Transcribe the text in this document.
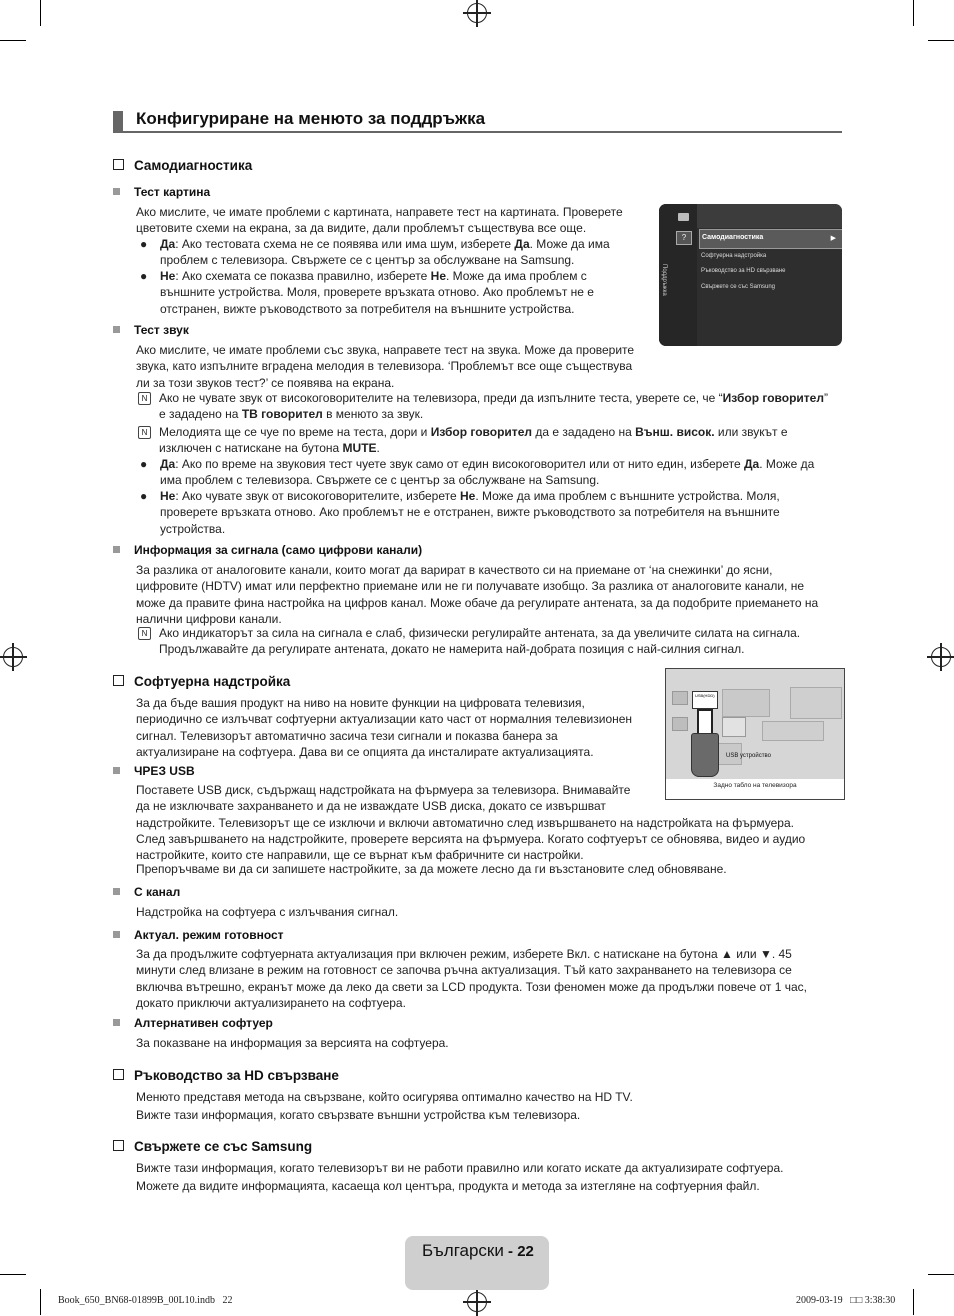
Конфигуриране на менюто за поддръжка
Самодиагностика
Тест картина
Ако мислите, че имате проблеми с картината, направете тест на картината. Проверете
цветовите схеми на екрана, за да видите, дали проблемът съществува все още.
● Да: Ако тестовата схема не се появява или има шум, изберете Да. Може да има
проблем с телевизора. Свържете се с център за обслужване на Samsung.
● Не: Ако схемата се показва правилно, изберете Не. Може да има проблем с
външните устройства. Моля, проверете връзката отново. Ако проблемът не е
отстранен, вижте ръководството за потребителя на външните устройства.
Тест звук
Ако мислите, че имате проблеми със звука, направете тест на звука. Може да проверите
звука, като изпълните вградена мелодия в телевизора. ‘Проблемът все още съществува
ли за този звуков тест?’ се появява на екрана.
N Ако не чувате звук от високоговорителите на телевизора, преди да изпълните теста, уверете се, че “Избор говорител”
е зададено на ТВ говорител в менюто за звук.
N Мелодията ще се чуе по време на теста, дори и Избор говорител да е зададено на Външ. висок. или звукът е
изключен с натискане на бутона MUTE.
● Да: Ако по време на звуковия тест чуете звук само от един високоговорител или от нито един, изберете Да. Може да
има проблем с телевизора. Свържете се с център за обслужване на Samsung.
● Не: Ако чувате звук от високоговорителите, изберете Не. Може да има проблем с външните устройства. Моля,
проверете връзката отново. Ако проблемът не е отстранен, вижте ръководството за потребителя на външните
устройства.
Информация за сигнала (само цифрови канали)
За разлика от аналоговите канали, които могат да варират в качеството си на приемане от ‘на снежинки’ до ясни,
цифровите (HDTV) имат или перфектно приемане или не ги получавате изобщо. За разлика от аналоговите канали, не
може да правите фина настройка на цифров канал. Може обаче да регулирате антената, за да подобрите приемането на
налични цифрови канали.
N Ако индикаторът за сила на сигнала е слаб, физически регулирайте антената, за да увеличите силата на сигнала.
Продължавайте да регулирате антената, докато не намерита най-добрата позиция с най-силния сигнал.
?
Поддръжка
Самодиагностика	▶
Софтуерна надстройка
Ръководство за HD свързване
Свържете се със Samsung
Софтуерна надстройка
За да бъде вашия продукт на ниво на новите функции на цифровата телевизия,
периодично се излъчват софтуерни актуализации като част от нормалния телевизионен
сигнал. Телевизорът автоматично засича тези сигнали и показва банера за
актуализиране на софтуера. Дава ви се опцията да инсталирате актуализацията.
ЧРЕЗ USB
Поставете USB диск, съдържащ надстройката на фърмуера за телевизора. Внимавайте
да не изключвате захранването и да не изваждате USB диска, докато се извършват
надстройките. Телевизорът ще се изключи и включи автоматично след извършването на надстройката на фърмуера.
След завършването на надстройките, проверете версията на фърмуера. Когато софтуерът се обновява, видео и аудио
настройките, които сте направили, ще се върнат към фабричните си настройки.
Препоръчваме ви да си запишете настройките, за да можете лесно да ги възстановите след обновяване.
USB(HDD)
USB устройство
Задно табло на телевизора
С канал
Надстройка на софтуера с излъчвания сигнал.
Актуал. режим готовност
За да продължите софтуерната актуализация при включен режим, изберете Вкл. с натискане на бутона ▲ или ▼. 45
минути след влизане в режим на готовност се започва ръчна актуализация. Тъй като захранването на телевизора се
включва вътрешно, екранът може да леко да свети за LCD продукта. Този феномен може да продължи повече от 1 час,
докато приключи актуализирането на софтуера.
Алтернативен софтуер
За показване на информация за версията на софтуера.
Ръководство за HD свързване
Менюто представя метода на свързване, който осигурява оптимално качество на HD TV.
Вижте тази информация, когато свързвате външни устройства към телевизора.
Свържете се със Samsung
Вижте тази информация, когато телевизорът ви не работи правилно или когато искате да актуализирате софтуера.
Можете да видите информацията, касаеща кол центъра, продукта и метода за изтегляне на софтуерния файл.
Български - 22
Book_650_BN68-01899B_00L10.indb 22	2009-03-19 □□ 3:38:30
